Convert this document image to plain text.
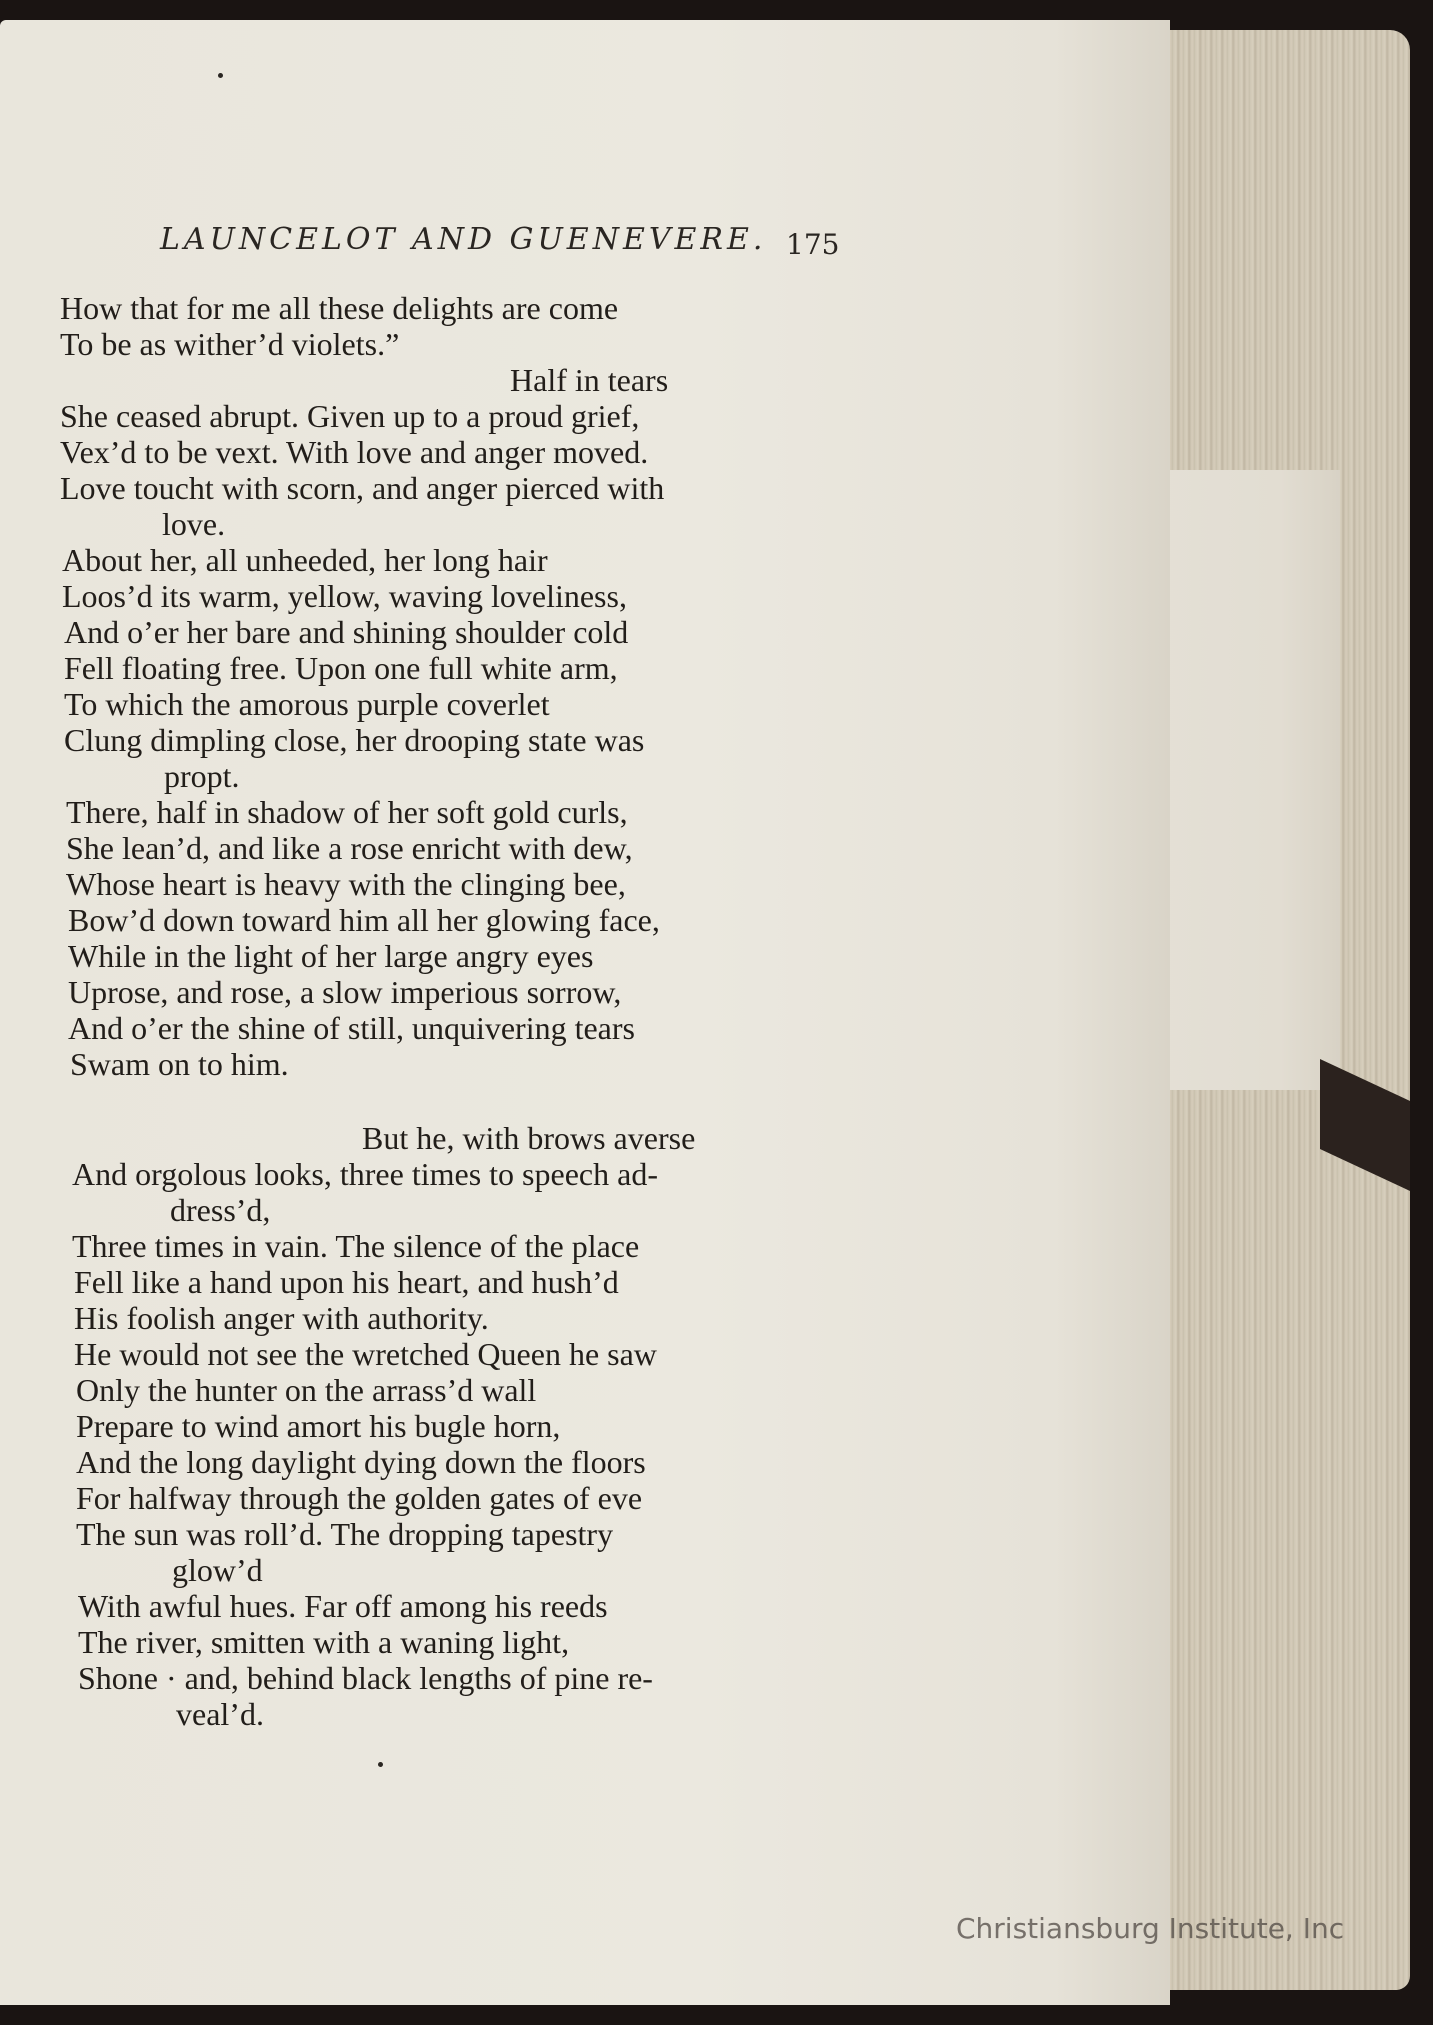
LAUNCELOT AND GUENEVERE. 175
How that for me all these delights are come
To be as wither’d violets.”
Half in tears
She ceased abrupt. Given up to a proud grief,
Vex’d to be vext. With love and anger moved.
Love toucht with scorn, and anger pierced with
love.
About her, all unheeded, her long hair
Loos’d its warm, yellow, waving loveliness,
And o’er her bare and shining shoulder cold
Fell floating free. Upon one full white arm,
To which the amorous purple coverlet
Clung dimpling close, her drooping state was
propt.
There, half in shadow of her soft gold curls,
She lean’d, and like a rose enricht with dew,
Whose heart is heavy with the clinging bee,
Bow’d down toward him all her glowing face,
While in the light of her large angry eyes
Uprose, and rose, a slow imperious sorrow,
And o’er the shine of still, unquivering tears
Swam on to him.
But he, with brows averse
And orgolous looks, three times to speech ad-
dress’d,
Three times in vain. The silence of the place
Fell like a hand upon his heart, and hush’d
His foolish anger with authority.
He would not see the wretched Queen he saw
Only the hunter on the arrass’d wall
Prepare to wind amort his bugle horn,
And the long daylight dying down the floors
For halfway through the golden gates of eve
The sun was roll’d. The dropping tapestry
glow’d
With awful hues. Far off among his reeds
The river, smitten with a waning light,
Shone · and, behind black lengths of pine re-
veal’d.
Christiansburg Institute, Inc
